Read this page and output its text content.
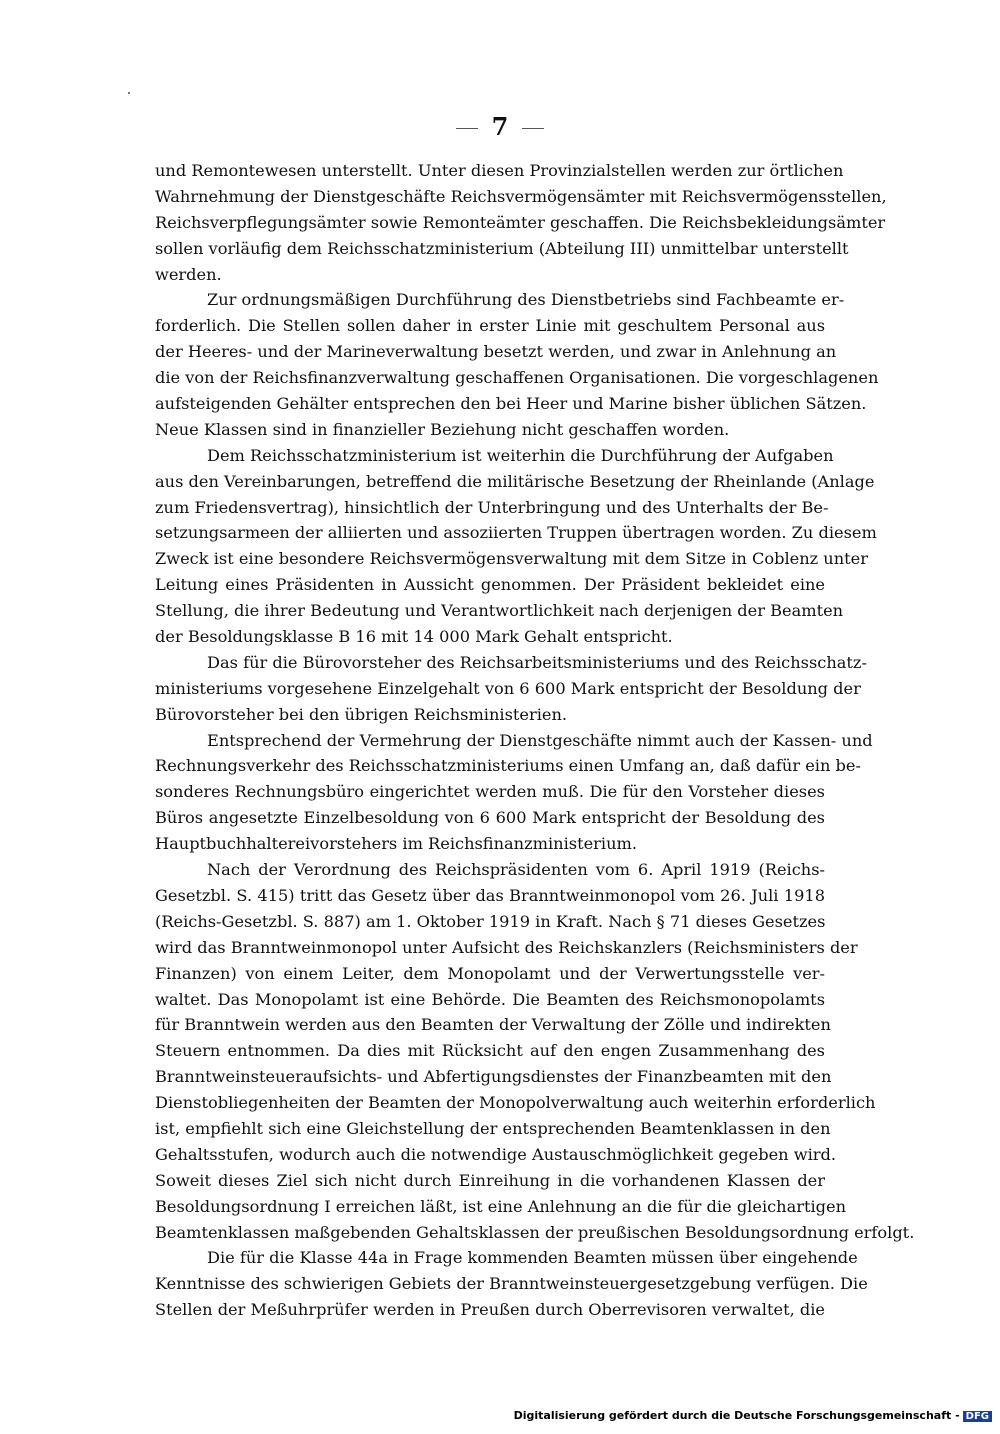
7
und Remontewesen unterstellt. Unter diesen Provinzialstellen werden zur örtlichen
Wahrnehmung der Dienstgeschäfte Reichsvermögensämter mit Reichsvermögensstellen,
Reichsverpflegungsämter sowie Remonteämter geschaffen. Die Reichsbekleidungsämter
sollen vorläufig dem Reichsschatzministerium (Abteilung III) unmittelbar unterstellt
werden.
Zur ordnungsmäßigen Durchführung des Dienstbetriebs sind Fachbeamte er-
forderlich. Die Stellen sollen daher in erster Linie mit geschultem Personal aus
der Heeres- und der Marineverwaltung besetzt werden, und zwar in Anlehnung an
die von der Reichsfinanzverwaltung geschaffenen Organisationen. Die vorgeschlagenen
aufsteigenden Gehälter entsprechen den bei Heer und Marine bisher üblichen Sätzen.
Neue Klassen sind in finanzieller Beziehung nicht geschaffen worden.
Dem Reichsschatzministerium ist weiterhin die Durchführung der Aufgaben
aus den Vereinbarungen, betreffend die militärische Besetzung der Rheinlande (Anlage
zum Friedensvertrag), hinsichtlich der Unterbringung und des Unterhalts der Be-
setzungsarmeen der alliierten und assoziierten Truppen übertragen worden. Zu diesem
Zweck ist eine besondere Reichsvermögensverwaltung mit dem Sitze in Coblenz unter
Leitung eines Präsidenten in Aussicht genommen. Der Präsident bekleidet eine
Stellung, die ihrer Bedeutung und Verantwortlichkeit nach derjenigen der Beamten
der Besoldungsklasse B 16 mit 14 000 Mark Gehalt entspricht.
Das für die Bürovorsteher des Reichsarbeitsministeriums und des Reichsschatz-
ministeriums vorgesehene Einzelgehalt von 6 600 Mark entspricht der Besoldung der
Bürovorsteher bei den übrigen Reichsministerien.
Entsprechend der Vermehrung der Dienstgeschäfte nimmt auch der Kassen- und
Rechnungsverkehr des Reichsschatzministeriums einen Umfang an, daß dafür ein be-
sonderes Rechnungsbüro eingerichtet werden muß. Die für den Vorsteher dieses
Büros angesetzte Einzelbesoldung von 6 600 Mark entspricht der Besoldung des
Hauptbuchhaltereivorstehers im Reichsfinanzministerium.
Nach der Verordnung des Reichspräsidenten vom 6. April 1919 (Reichs-
Gesetzbl. S. 415) tritt das Gesetz über das Branntweinmonopol vom 26. Juli 1918
(Reichs-Gesetzbl. S. 887) am 1. Oktober 1919 in Kraft. Nach § 71 dieses Gesetzes
wird das Branntweinmonopol unter Aufsicht des Reichskanzlers (Reichsministers der
Finanzen) von einem Leiter, dem Monopolamt und der Verwertungsstelle ver-
waltet. Das Monopolamt ist eine Behörde. Die Beamten des Reichsmonopolamts
für Branntwein werden aus den Beamten der Verwaltung der Zölle und indirekten
Steuern entnommen. Da dies mit Rücksicht auf den engen Zusammenhang des
Branntweinsteueraufsichts- und Abfertigungsdienstes der Finanzbeamten mit den
Dienstobliegenheiten der Beamten der Monopolverwaltung auch weiterhin erforderlich
ist, empfiehlt sich eine Gleichstellung der entsprechenden Beamtenklassen in den
Gehaltsstufen, wodurch auch die notwendige Austauschmöglichkeit gegeben wird.
Soweit dieses Ziel sich nicht durch Einreihung in die vorhandenen Klassen der
Besoldungsordnung I erreichen läßt, ist eine Anlehnung an die für die gleichartigen
Beamtenklassen maßgebenden Gehaltsklassen der preußischen Besoldungsordnung erfolgt.
Die für die Klasse 44a in Frage kommenden Beamten müssen über eingehende
Kenntnisse des schwierigen Gebiets der Branntweinsteuergesetzgebung verfügen. Die
Stellen der Meßuhrprüfer werden in Preußen durch Oberrevisoren verwaltet, die
Digitalisierung gefördert durch die Deutsche Forschungsgemeinschaft - DFG
